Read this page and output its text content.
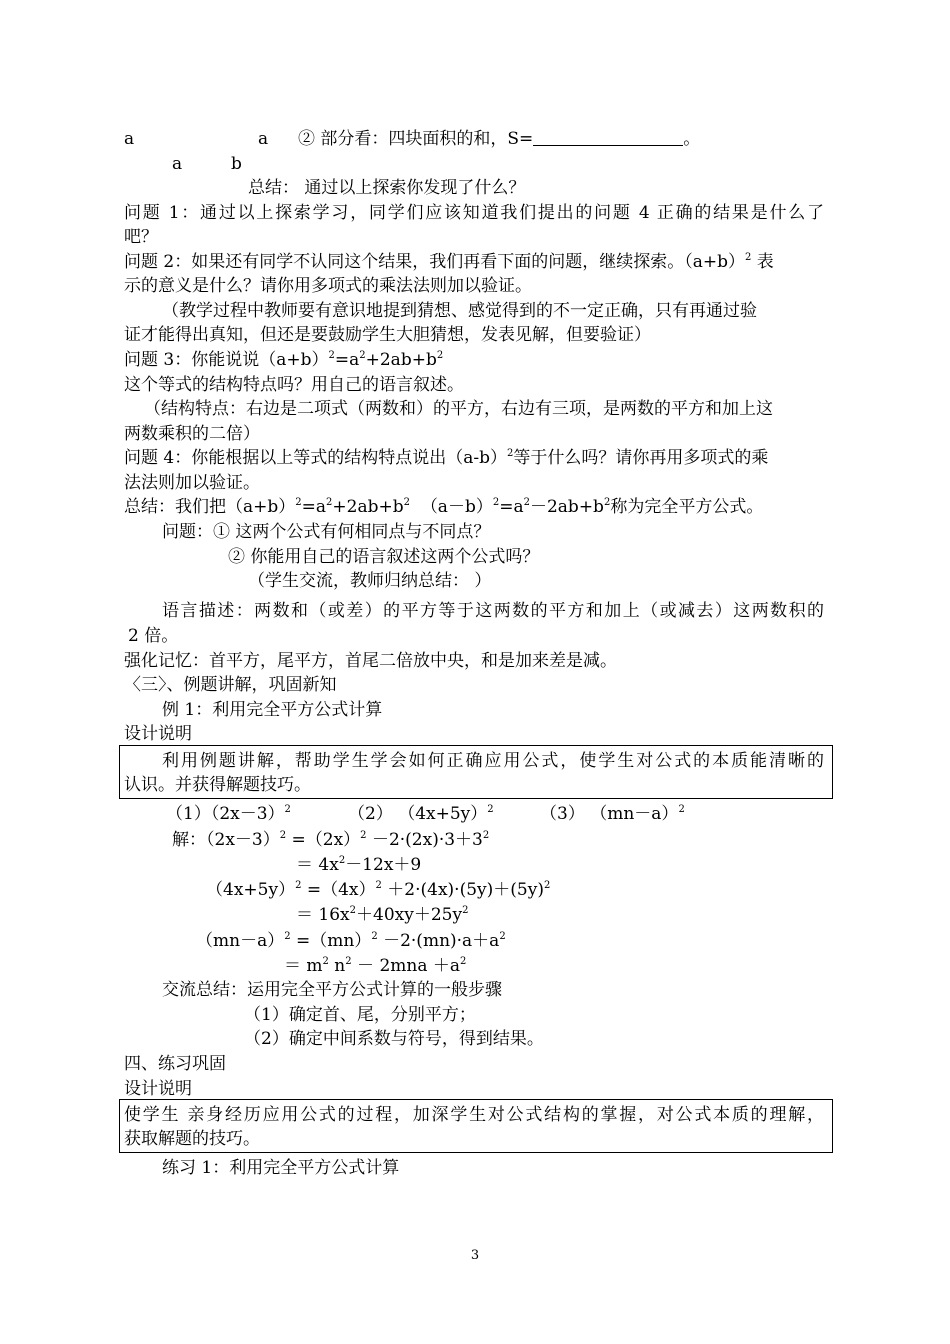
a	a ② 部分看：四块面积的和，S=	。
a	b
总结： 通过以上探索你发现了什么？
问题 1：通过以上探索学习，同学们应该知道我们提出的问题 4 正确的结果是什么了
吧？
问题 2：如果还有同学不认同这个结果，我们再看下面的问题，继续探索。$(a+b)^2$ 表
示的意义是什么？请你用多项式的乘法法则加以验证。
（教学过程中教师要有意识地提到猜想、感觉得到的不一定正确，只有再通过验
证才能得出真知，但还是要鼓励学生大胆猜想，发表见解，但要验证）
问题 3：你能说说$(a+b)^2=a^2+2ab+b^2$
这个等式的结构特点吗？用自己的语言叙述。
（结构特点：右边是二项式（两数和）的平方，右边有三项，是两数的平方和加上这
两数乘积的二倍）
问题 4：你能根据以上等式的结构特点说出$(a-b)^2$等于什么吗？请你再用多项式的乘
法法则加以验证。
总结：我们把$(a+b)^2=a^2+2ab+b^2$ $(a-b)^2=a^2-2ab+b^2$称为完全平方公式。
问题：① 这两个公式有何相同点与不同点？
② 你能用自己的语言叙述这两个公式吗？
（学生交流，教师归纳总结： ）
语言描述：两数和（或差）的平方等于这两数的平方和加上（或减去）这两数积的
2 倍。
强化记忆：首平方，尾平方，首尾二倍放中央，和是加来差是减。
〈三〉、例题讲解，巩固新知
例 1：利用完全平方公式计算
设计说明
利用例题讲解，帮助学生学会如何正确应用公式，使学生对公式的本质能清晰的
认识。并获得解题技巧。
$(1)(2x-3)^2$	（2） $(4x+5y)^2$	（3） $(mn-a)^2$
解：$(2x-3)^2 =(2x)^2 -2\cdot(2x)\cdot 3+3^2$
＝ $4x^2-12x+9$
$(4x+5y)^2 =(4x)^2 +2\cdot(4x)\cdot(5y)+(5y)^2$
＝ $16x^2+40xy+25y^2$
$(mn-a)^2 =(mn)^2 -2\cdot(mn)\cdot a+a^2$
＝ $m^2$ $n^2 - 2mna +a^2$
交流总结：运用完全平方公式计算的一般步骤
（1）确定首、尾，分别平方；
（2）确定中间系数与符号，得到结果。
四、练习巩固
设计说明
使学生 亲身经历应用公式的过程，加深学生对公式结构的掌握，对公式本质的理解，
获取解题的技巧。
练习 1：利用完全平方公式计算
3
